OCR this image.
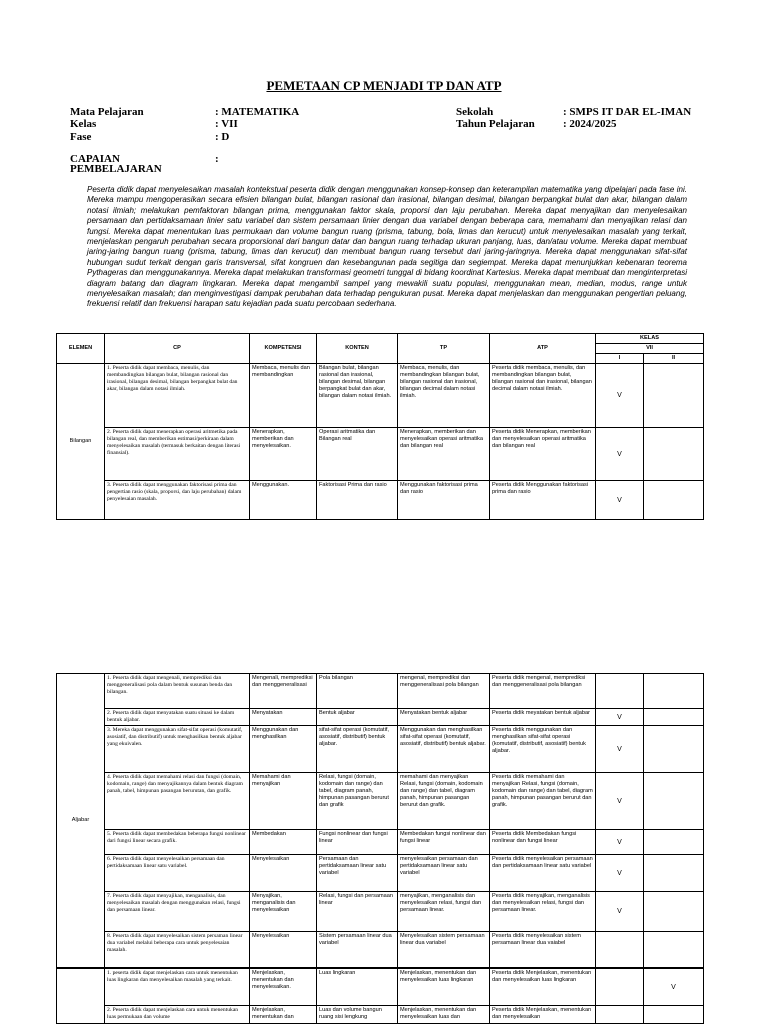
PEMETAAN CP MENJADI TP DAN ATP
Mata Pelajaran	: MATEMATIKA
Kelas	: VII
Fase	: D
Sekolah	: SMPS IT DAR EL-IMAN
Tahun Pelajaran	: 2024/2025
CAPAIAN
PEMBELAJARAN
:
Peserta didik dapat menyelesaikan masalah kontekstual peserta didik dengan menggunakan konsep-konsep dan keterampilan matematika yang dipelajari pada fase ini. Mereka mampu mengoperasikan secara efisien bilangan bulat, bilangan rasional dan irasional, bilangan desimal, bilangan berpangkat bulat dan akar, bilangan dalam notasi ilmiah; melakukan pemfaktoran bilangan prima, menggunakan faktor skala, proporsi dan laju perubahan. Mereka dapat menyajikan dan menyelesaikan persamaan dan pertidaksamaan linier satu variabel dan sistem persamaan linier dengan dua variabel dengan beberapa cara, memahami dan menyajikan relasi dan fungsi. Mereka dapat menentukan luas permukaan dan volume bangun ruang (prisma, tabung, bola, limas dan kerucut) untuk menyelesaikan masalah yang terkait, menjelaskan pengaruh perubahan secara proporsional dari bangun datar dan bangun ruang terhadap ukuran panjang, luas, dan/atau volume. Mereka dapat membuat jaring-jaring bangun ruang (prisma, tabung, limas dan kerucut) dan membuat bangun ruang tersebut dari jaring-jaringnya. Mereka dapat menggunakan sifat-sifat hubungan sudut terkait dengan garis transversal, sifat kongruen dan kesebangunan pada segitiga dan segiempat. Mereka dapat menunjukkan kebenaran teorema Pythageras dan menggunakannya. Mereka dapat melakukan transformasi geometri tunggal di bidang koordinat Kartesius. Mereka dapat membuat dan menginterpretasi diagram batang dan diagram lingkaran. Mereka dapat mengambil sampel yang mewakili suatu populasi, menggunakan mean, median, modus, range untuk menyelesaikan masalah; dan menginvestigasi dampak perubahan data terhadap pengukuran pusat. Mereka dapat menjelaskan dan menggunakan pengertian peluang, frekuensi relatif dan frekuensi harapan satu kejadian pada suatu percobaan sederhana.
ELEMEN	CP	KOMPETENSI	KONTEN	TP	ATP	KELAS	
						VII	
						I	II
Bilangan	1. Peserta didik dapat membaca, menulis, dan membandingkan bilangan bulat, bilangan rasional dan irasional, bilangan desimal, bilangan berpangkat bulat dan akar, bilangan dalam notasi ilmiah.	Membaca, menulis dan membandingkan	Bilangan bulat, bilangan rasional dan irasional, bilangan desimal, bilangan berpangkat bulat dan akar, bilangan dalam notasi ilmiah.	Membaca, menulis, dan membandingkan bilangan bulat, bilangan rasional dan irasional, bilangan decimal dalam notasi ilmiah.	Peserta didik membaca, menulis, dan membandingkan bilangan bulat, bilangan rasional dan irasional, bilangan decimal dalam notasi ilmiah.	V	
	2. Peserta didik dapat menerapkan operasi aritmetika pada bilangan real, dan memberikan estimasi/perkiraan dalam menyelesaikan masalah (termasuk berkaitan dengan literasi finansial).	Menerapkan, memberikan dan menyelesaikan.	Operasi aritmatika dan Bilangan real	Menerapkan, memberikan dan menyelesaikan operasi aritmatika dan bilangan real	Peserta didik Menerapkan, memberikan dan menyelesaikan operasi aritmatika dan bilangan real	V	
	3. Peserta didik dapat menggunakan faktorisasi prima dan pengertian rasio (skala, proporsi, dan laju perubahan) dalam penyelesaian masalah.	Menggunakan.	Faktorisasi Prima dan rasio	Menggunakan faktorisasi prima dan rasio	Peserta didik Menggunakan faktorisasi prima dan rasio	V	
Aljabar	1. Peserta didik dapat mengenali, memprediksi dan menggeneralisasi pola dalam bentuk susunan benda dan bilangan.	Mengenali, memprediksi dan menggeneralisasi	Pola bilangan	mengenal, memprediksi dan menggeneralisasi pola bilangan	Peserta didik mengenal, memprediksi dan menggeneralisasi pola bilangan		
	2. Peserta didik dapat menyatakan suatu situasi ke dalam bentuk aljabar.	Menyatakan	Bentuk aljabar	Menyatakan bentuk aljabar	Peserta didik meyatakan bentuk aljabar	V	
	3. Mereka dapat menggunakan sifat-sifat operasi (komutatif, asosiatif, dan distributif) untuk menghasilkan bentuk aljabar yang ekuivalen.	Menggunakan dan menghasilkan	sifat-sifat operasi (komutatif, asosiatif, distributif) bentuk aljabar.	Menggunakan dan menghasilkan sifat-sifat operasi (komutatif, asosiatif, distributif) bentuk aljabar.	Peserta didik menggunakan dan menghasilkan sifat-sifat operasi (komutatif, distributif, asosiatif) bentuk aljabar.	V	
	4. Peserta didik dapat memahami relasi dan fungsi (domain, kodomain, range) dan menyajikannya dalam bentuk diagram panah, tabel, himpunan pasangan berurutan, dan grafik.	Memahami dan menyajikan	Relasi, fungsi (domain, kodomain dan range) dan tabel, diagram panah, himpunan pasangan berurut dan grafik	memahami dan menyajikan Relasi, fungsi (domain, kodomain dan range) dan tabel, diagram panah, himpunan pasangan berurut dan grafik.	Peserta didik memahami dan menyajikan Relasi, fungsi (domain, kodomain dan range) dan tabel, diagram panah, himpunan pasangan berurut dan grafik.	V	
	5. Peserta didik dapat membedakan beberapa fungsi nonlinear dari fungsi linear secara grafik.	Membedakan	Fungsi nonlinear dan fungsi linear	Membedakan fungsi nonlinear dan fungsi linear	Peserta didik Membedakan fungsi nonlinear dan fungsi linear	V	
	6. Peserta didik dapat menyelesaikan persamaan dan pertidaksamaan linear satu variabel.	Menyelesaikan	Persamaan dan pertidaksamaan linear satu variabel	menyelesaikan persamaan dan pertidaksamaan linear satu variabel	Peserta didik menyelesaikan persamaan dan pertidaksamaan linear satu variabel	V	
	7. Peserta didik dapat menyajikan, menganalisis, dan menyelesaikan masalah dengan menggunakan relasi, fungsi dan persamaan linear.	Menyajikan, menganalisis dan menyelesaikan	Relasi, fungsi dan persamaan linear	menyajikan, menganalisis dan menyelesaikan relasi, fungsi dan persamaan linear.	Peserta didik menyajikan, menganalisis dan menyelesaikan relasi, fungsi dan persamaan linear.	V	
	8. Peserta didik dapat menyelesaikan sistem persaman linear dua variabel melalui beberapa cara untuk penyelesaian masalah.	Menyelesaikan	Sistem persamaan linear dua variabel	Menyelesaikan sistem persamaan linear dua variabel	Peserta didik menyelesaikan sistem persamaan linear dua vaiabel		
	1. peserta didik dapat menjelaskan cara untuk menentukan luas lingkaran dan menyelesaikan masalah yang terkait.	Menjelaskan, menentukan dan menyelesaikan.	Luas lingkaran	Menjelaskan, menentukan dan menyelesaikan luas lingkaran	Peserta didik Menjelaskan, menentukan dan menyelesaikan luas lingkaran		V
	2. Peserta didik dapat menjelaskan cara untuk menentukan luas permukaan dan volume	Menjelaskan, menentukan dan	Luas dan volume bangun ruang sisi lengkung	Menjelaskan, menentukan dan menyelesaikan luas dan	Peserta didik Menjelaskan, menentukan dan menyelesaikan		
